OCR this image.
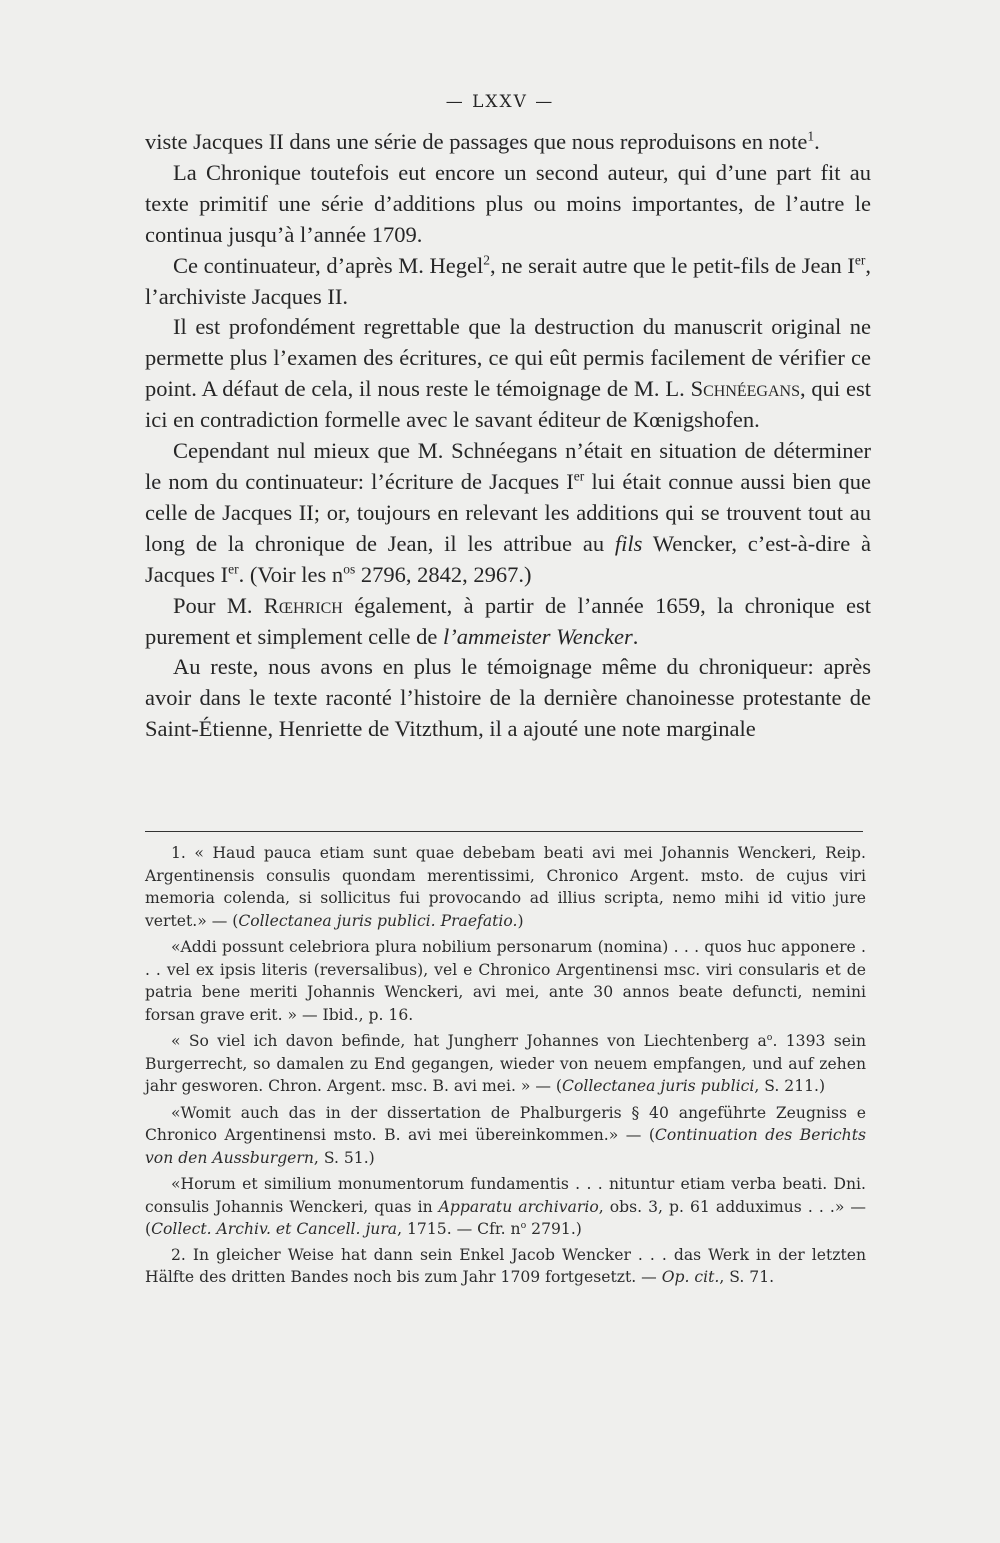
— LXXV —

viste Jacques II dans une série de passages que nous reproduisons en note$^1$.

La Chronique toutefois eut encore un second auteur, qui d’une part fit au texte primitif une série d’additions plus ou moins importantes, de l’autre le continua jusqu’à l’année 1709.

Ce continuateur, d’après M. Hegel$^2$, ne serait autre que le petit-fils de Jean Ier, l’archiviste Jacques II.

Il est profondément regrettable que la destruction du manuscrit original ne permette plus l’examen des écritures, ce qui eût permis facilement de vérifier ce point. A défaut de cela, il nous reste le témoignage de M. L. Schnéegans, qui est ici en contradiction formelle avec le savant éditeur de Kœnigshofen.

Cependant nul mieux que M. Schnéegans n’était en situation de déterminer le nom du continuateur: l’écriture de Jacques Ier lui était connue aussi bien que celle de Jacques II; or, toujours en relevant les additions qui se trouvent tout au long de la chronique de Jean, il les attribue au fils Wencker, c’est-à-dire à Jacques Ier. (Voir les $n^{os}$ 2796, 2842, 2967.)

Pour M. Rœhrich également, à partir de l’année 1659, la chronique est purement et simplement celle de l’ammeister Wencker.

Au reste, nous avons en plus le témoignage même du chroniqueur: après avoir dans le texte raconté l’histoire de la dernière chanoinesse protestante de Saint-Étienne, Henriette de Vitzthum, il a ajouté une note marginale

1. « Haud pauca etiam sunt quae debebam beati avi mei Johannis Wenckeri, Reip. Argentinensis consulis quondam merentissimi, Chronico Argent. msto. de cujus viri memoria colenda, si sollicitus fui provocando ad illius scripta, nemo mihi id vitio jure vertet.» — (Collectanea juris publici. Praefatio.)

«Addi possunt celebriora plura nobilium personarum (nomina) . . . quos huc apponere . . . vel ex ipsis literis (reversalibus), vel e Chronico Argentinensi msc. viri consularis et de patria bene meriti Johannis Wenckeri, avi mei, ante 30 annos beate defuncti, nemini forsan grave erit. » — Ibid., p. 16.

« So viel ich davon befinde, hat Jungherr Johannes von Liechtenberg $a^o$. 1393 sein Burgerrecht, so damalen zu End gegangen, wieder von neuem empfangen, und auf zehen jahr gesworen. Chron. Argent. msc. B. avi mei. » — (Collectanea juris publici, S. 211.)

«Womit auch das in der dissertation de Phalburgeris § 40 angeführte Zeugniss e Chronico Argentinensi msto. B. avi mei übereinkommen.» — (Continuation des Berichts von den Aussburgern, S. 51.)

«Horum et similium monumentorum fundamentis . . . nituntur etiam verba beati. Dni. consulis Johannis Wenckeri, quas in Apparatu archivario, obs. 3, p. 61 adduximus . . .» — (Collect. Archiv. et Cancell. jura, 1715. — Cfr. $n^o$ 2791.)

2. In gleicher Weise hat dann sein Enkel Jacob Wencker . . . das Werk in der letzten Hälfte des dritten Bandes noch bis zum Jahr 1709 fortgesetzt. — Op. cit., S. 71.
